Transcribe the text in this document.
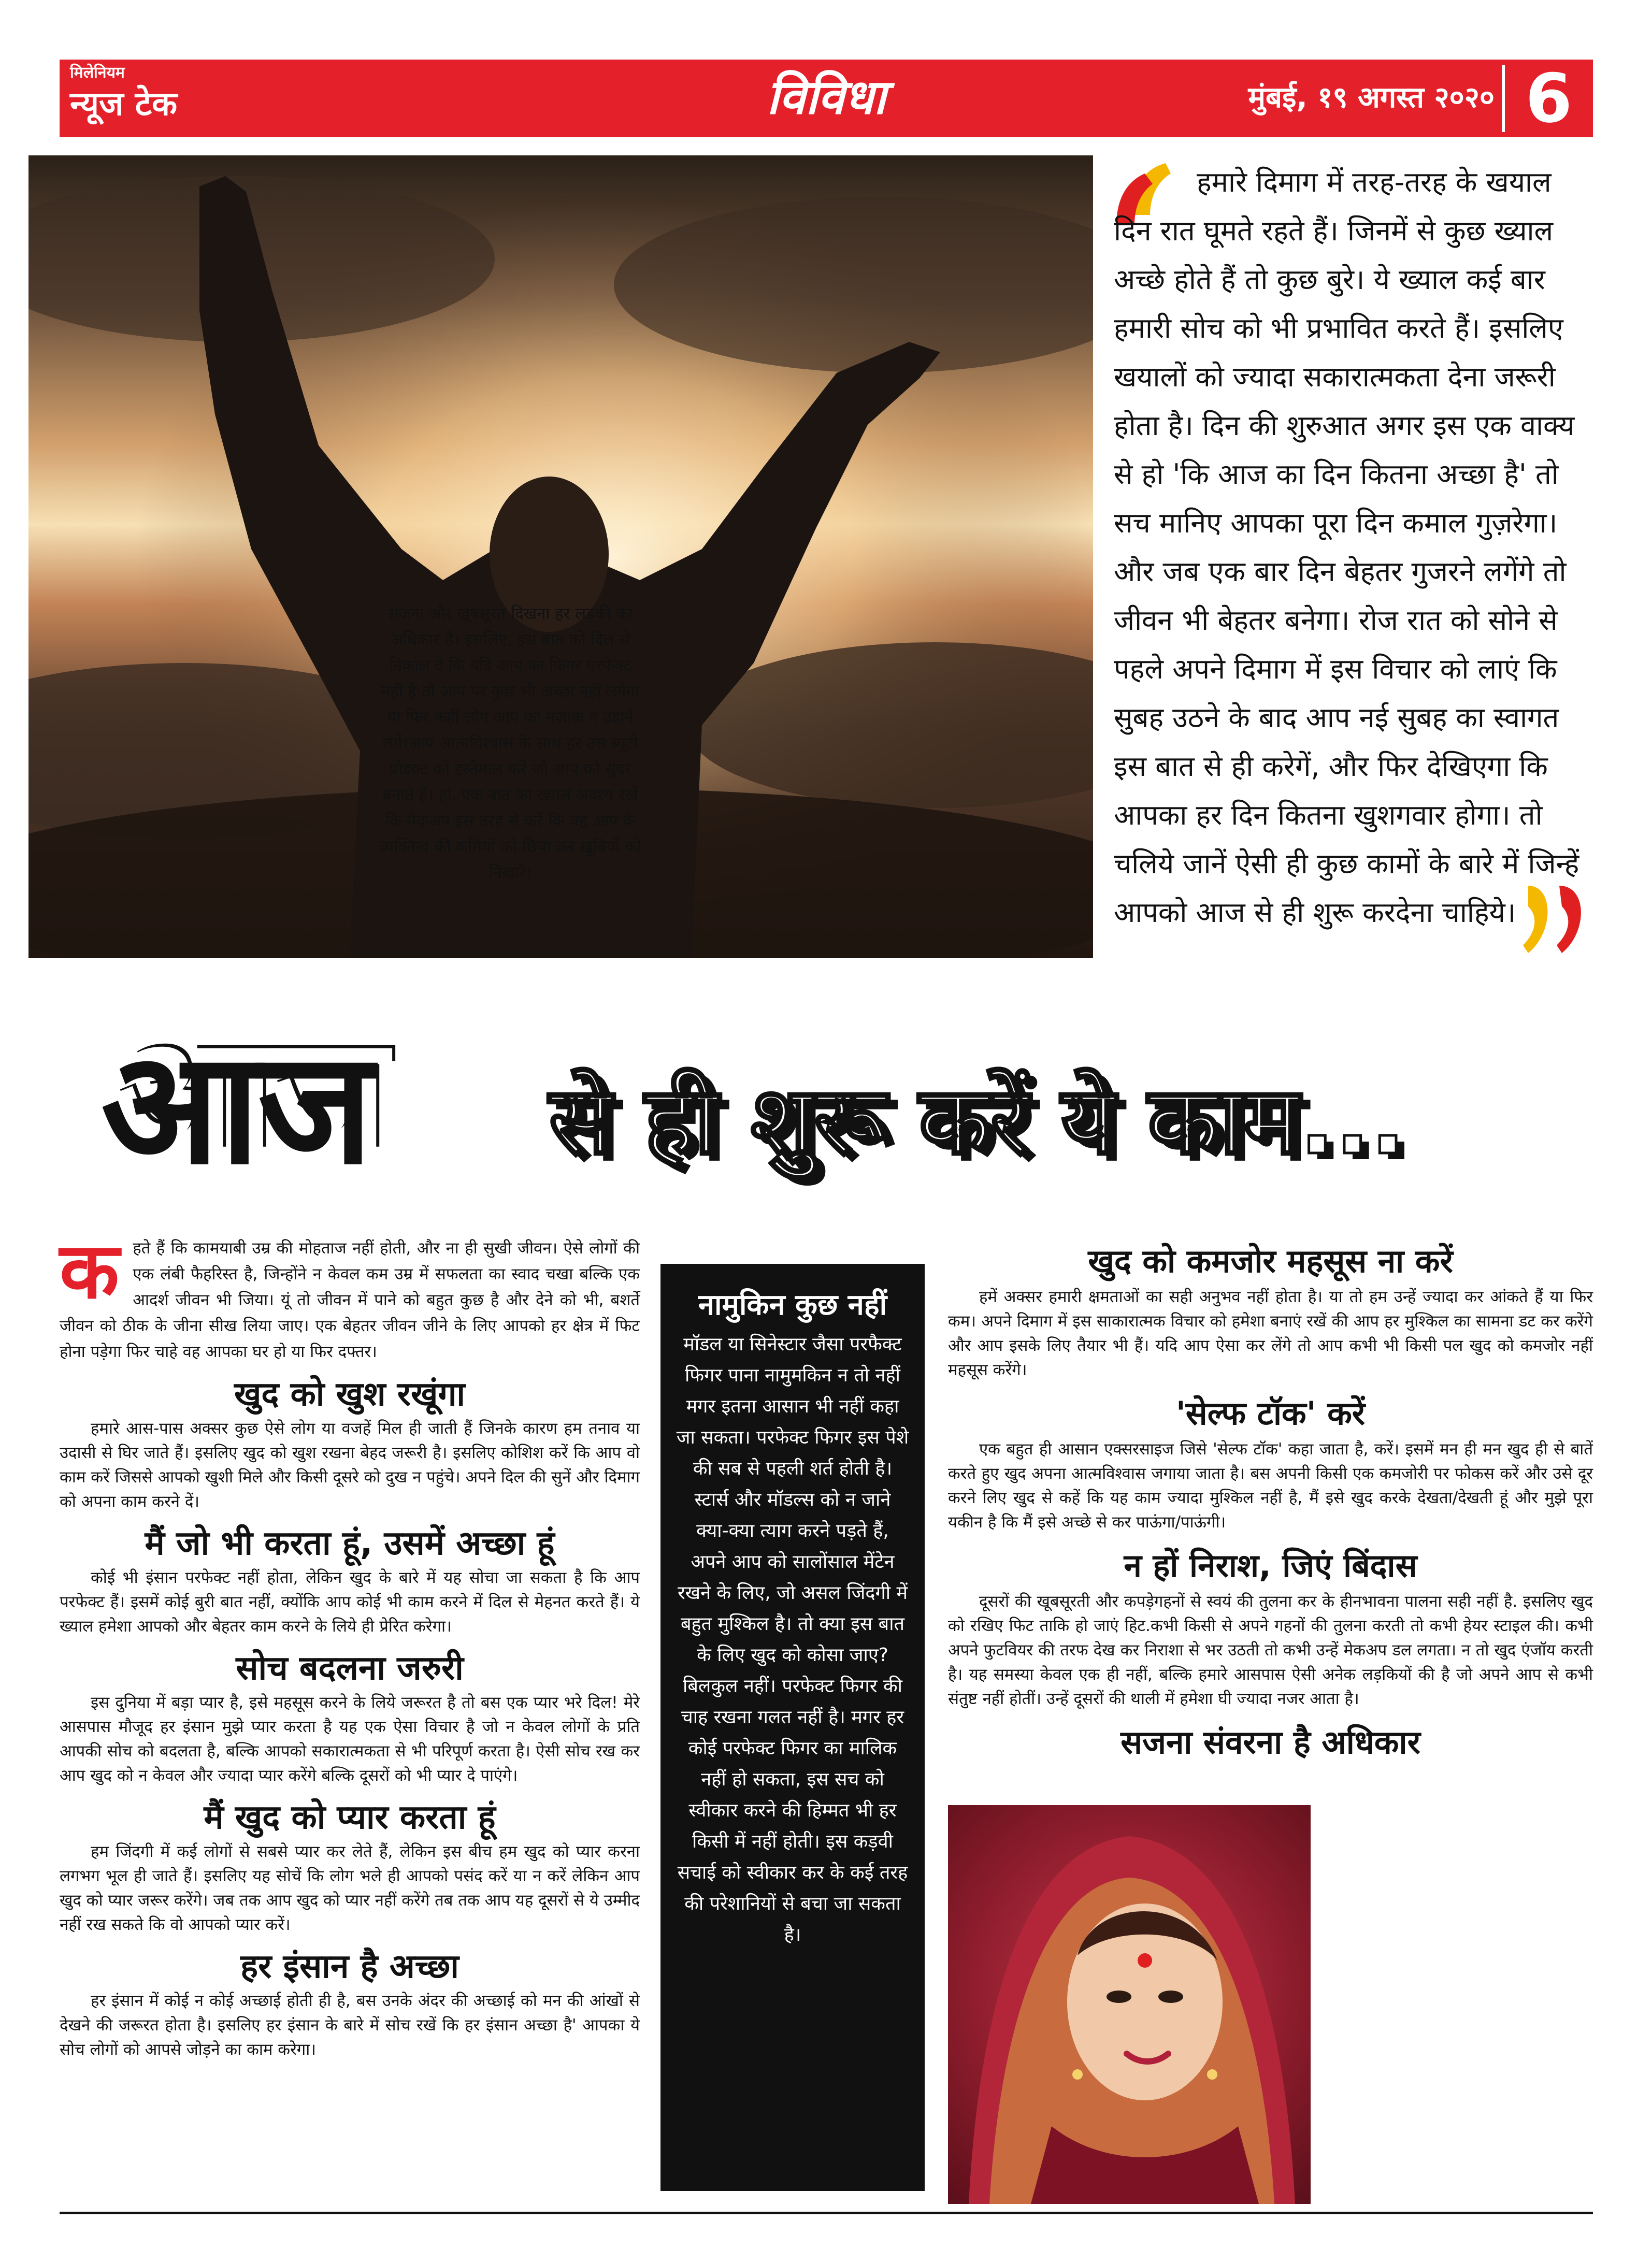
मिलेनियम
न्यूज टेक	विविधा	मुंबई, १९ अगस्त २०२० 6

हमारे दिमाग में तरह-तरह के खयाल दिन रात घूमते रहते हैं। जिनमें से कुछ ख्याल अच्छे होते हैं तो कुछ बुरे। ये ख्याल कई बार हमारी सोच को भी प्रभावित करते हैं। इसलिए खयालों को ज्यादा सकारात्मकता देना जरूरी होता है। दिन की शुरुआत अगर इस एक वाक्य से हो 'कि आज का दिन कितना अच्छा है' तो सच मानिए आपका पूरा दिन कमाल गुज़रेगा। और जब एक बार दिन बेहतर गुजरने लगेंगे तो जीवन भी बेहतर बनेगा। रोज रात को सोने से पहले अपने दिमाग में इस विचार को लाएं कि सुबह उठने के बाद आप नई सुबह का स्वागत इस बात से ही करेगें, और फिर देखिएगा कि आपका हर दिन कितना खुशगवार होगा। तो चलिये जानें ऐसी ही कुछ कामों के बारे में जिन्हें आपको आज से ही शुरू करदेना चाहिये।

आज से ही शुरू करें ये काम...

कहते हैं कि कामयाबी उम्र की मोहताज नहीं होती, और ना ही सुखी जीवन। ऐसे लोगों की एक लंबी फैहरिस्त है, जिन्होंने न केवल कम उम्र में सफलता का स्वाद चखा बल्कि एक आदर्श जीवन भी जिया। यूं तो जीवन में पाने को बहुत कुछ है और देने को भी, बशर्ते जीवन को ठीक के जीना सीख लिया जाए। एक बेहतर जीवन जीने के लिए आपको हर क्षेत्र में फिट होना पड़ेगा फिर चाहे वह आपका घर हो या फिर दफ्तर।

खुद को खुश रखूंगा

हमारे आस-पास अक्सर कुछ ऐसे लोग या वजहें मिल ही जाती हैं जिनके कारण हम तनाव या उदासी से घिर जाते हैं। इसलिए खुद को खुश रखना बेहद जरूरी है। इसलिए कोशिश करें कि आप वो काम करें जिससे आपको खुशी मिले और किसी दूसरे को दुख न पहुंचे। अपने दिल की सुनें और दिमाग को अपना काम करने दें।

मैं जो भी करता हूं, उसमें अच्छा हूं

कोई भी इंसान परफेक्ट नहीं होता, लेकिन खुद के बारे में यह सोचा जा सकता है कि आप परफेक्ट हैं। इसमें कोई बुरी बात नहीं, क्योंकि आप कोई भी काम करने में दिल से मेहनत करते हैं। ये ख्याल हमेशा आपको और बेहतर काम करने के लिये ही प्रेरित करेगा।

सोच बदलना जरुरी

इस दुनिया में बड़ा प्यार है, इसे महसूस करने के लिये जरूरत है तो बस एक प्यार भरे दिल! मेरे आसपास मौजूद हर इंसान मुझे प्यार करता है यह एक ऐसा विचार है जो न केवल लोगों के प्रति आपकी सोच को बदलता है, बल्कि आपको सकारात्मकता से भी परिपूर्ण करता है। ऐसी सोच रख कर आप खुद को न केवल और ज्यादा प्यार करेंगे बल्कि दूसरों को भी प्यार दे पाएंगे।

मैं खुद को प्यार करता हूं

हम जिंदगी में कई लोगों से सबसे प्यार कर लेते हैं, लेकिन इस बीच हम खुद को प्यार करना लगभग भूल ही जाते हैं। इसलिए यह सोचें कि लोग भले ही आपको पसंद करें या न करें लेकिन आप खुद को प्यार जरूर करेंगे। जब तक आप खुद को प्यार नहीं करेंगे तब तक आप यह दूसरों से ये उम्मीद नहीं रख सकते कि वो आपको प्यार करें।

हर इंसान है अच्छा

हर इंसान में कोई न कोई अच्छाई होती ही है, बस उनके अंदर की अच्छाई को मन की आंखों से देखने की जरूरत होता है। इसलिए हर इंसान के बारे में सोच रखें कि हर इंसान अच्छा है' आपका ये सोच लोगों को आपसे जोड़ने का काम करेगा।

नामुकिन कुछ नहीं

मॉडल या सिनेस्टार जैसा परफैक्ट फिगर पाना नामुमकिन न तो नहीं मगर इतना आसान भी नहीं कहा जा सकता। परफेक्ट फिगर इस पेशे की सब से पहली शर्त होती है। स्टार्स और मॉडल्स को न जाने क्या-क्या त्याग करने पड़ते हैं, अपने आप को सालोंसाल मेंटेन रखने के लिए, जो असल जिंदगी में बहुत मुश्किल है। तो क्या इस बात के लिए खुद को कोसा जाए? बिलकुल नहीं। परफेक्ट फिगर की चाह रखना गलत नहीं है। मगर हर कोई परफेक्ट फिगर का मालिक नहीं हो सकता, इस सच को स्वीकार करने की हिम्मत भी हर किसी में नहीं होती। इस कड़वी सचाई को स्वीकार कर के कई तरह की परेशानियों से बचा जा सकता है।

खुद को कमजोर महसूस ना करें

हमें अक्सर हमारी क्षमताओं का सही अनुभव नहीं होता है। या तो हम उन्हें ज्यादा कर आंकते हैं या फिर कम। अपने दिमाग में इस साकारात्मक विचार को हमेशा बनाएं रखें की आप हर मुश्किल का सामना डट कर करेंगे और आप इसके लिए तैयार भी हैं। यदि आप ऐसा कर लेंगे तो आप कभी भी किसी पल खुद को कमजोर नहीं महसूस करेंगे।

'सेल्फ टॉक' करें

एक बहुत ही आसान एक्सरसाइज जिसे 'सेल्फ टॉक' कहा जाता है, करें। इसमें मन ही मन खुद ही से बातें करते हुए खुद अपना आत्मविश्वास जगाया जाता है। बस अपनी किसी एक कमजोरी पर फोकस करें और उसे दूर करने लिए खुद से कहें कि यह काम ज्यादा मुश्किल नहीं है, मैं इसे खुद करके देखता/देखती हूं और मुझे पूरा यकीन है कि मैं इसे अच्छे से कर पाऊंगा/पाऊंगी।

न हों निराश, जिएं बिंदास

दूसरों की खूबसूरती और कपड़ेगहनों से स्वयं की तुलना कर के हीनभावना पालना सही नहीं है. इसलिए खुद को रखिए फिट ताकि हो जाएं हिट.कभी किसी से अपने गहनों की तुलना करती तो कभी हेयर स्टाइल की। कभी अपने फुटवियर की तरफ देख कर निराशा से भर उठती तो कभी उन्हें मेकअप डल लगता। न तो खुद एंजॉय करती है। यह समस्या केवल एक ही नहीं, बल्कि हमारे आसपास ऐसी अनेक लड़कियों की है जो अपने आप से कभी संतुष्ट नहीं होतीं। उन्हें दूसरों की थाली में हमेशा घी ज्यादा नजर आता है।

सजना संवरना है अधिकार

सजना और खूबसूरत दिखना हर लड़की का अधिकार है। इसलिए, इस बात को दिल से निकाल दें कि यदि आप का फिगर परफेक्ट नहीं है तो आप पर कुछ भी अच्छा नहीं लगेगा या फिर कहीं लोग आप का मजाक न उड़ाने लगें।आप आत्मविश्वास के साथ हर उस ब्यूटी प्रोडक्ट को इस्तेमाल करें जो आप को सुंदर बनाते हैं। हां, एक बात का ख्याल अवश्य रखें कि मेकअप इस तरह से करें कि वह आप के व्यक्तित्व की कमियों को छिपा कर खूबियों को निखारे।
